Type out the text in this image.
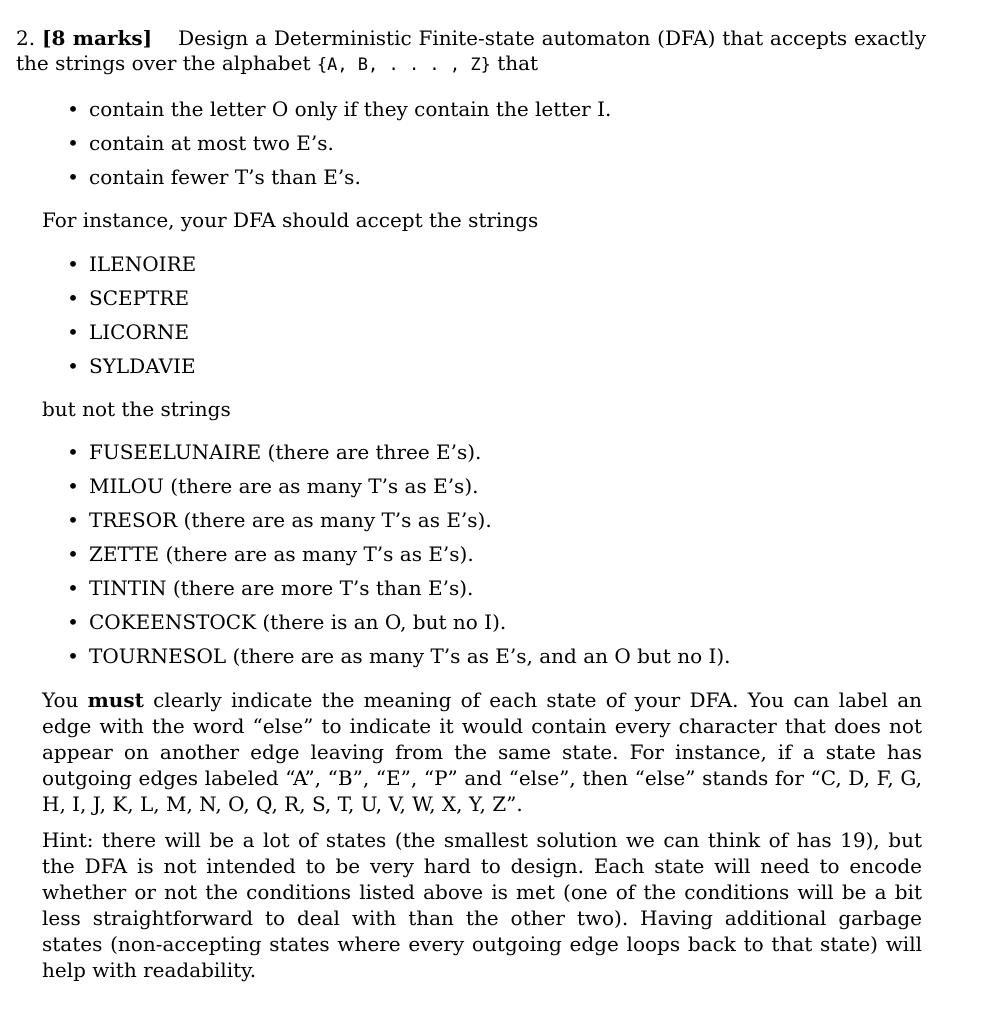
2. [8 marks] Design a Deterministic Finite-state automaton (DFA) that accepts exactly the strings over the alphabet {A, B, . . . , Z} that
• contain the letter O only if they contain the letter I.
• contain at most two E’s.
• contain fewer T’s than E’s.
For instance, your DFA should accept the strings
• ILENOIRE
• SCEPTRE
• LICORNE
• SYLDAVIE
but not the strings
• FUSEELUNAIRE (there are three E’s).
• MILOU (there are as many T’s as E’s).
• TRESOR (there are as many T’s as E’s).
• ZETTE (there are as many T’s as E’s).
• TINTIN (there are more T’s than E’s).
• COKEENSTOCK (there is an O, but no I).
• TOURNESOL (there are as many T’s as E’s, and an O but no I).
You must clearly indicate the meaning of each state of your DFA. You can label an edge with the word “else” to indicate it would contain every character that does not appear on another edge leaving from the same state. For instance, if a state has outgoing edges labeled “A”, “B”, “E”, “P” and “else”, then “else” stands for “C, D, F, G, H, I, J, K, L, M, N, O, Q, R, S, T, U, V, W, X, Y, Z”.
Hint: there will be a lot of states (the smallest solution we can think of has 19), but the DFA is not intended to be very hard to design. Each state will need to encode whether or not the conditions listed above is met (one of the conditions will be a bit less straightforward to deal with than the other two). Having additional garbage states (non-accepting states where every outgoing edge loops back to that state) will help with readability.
